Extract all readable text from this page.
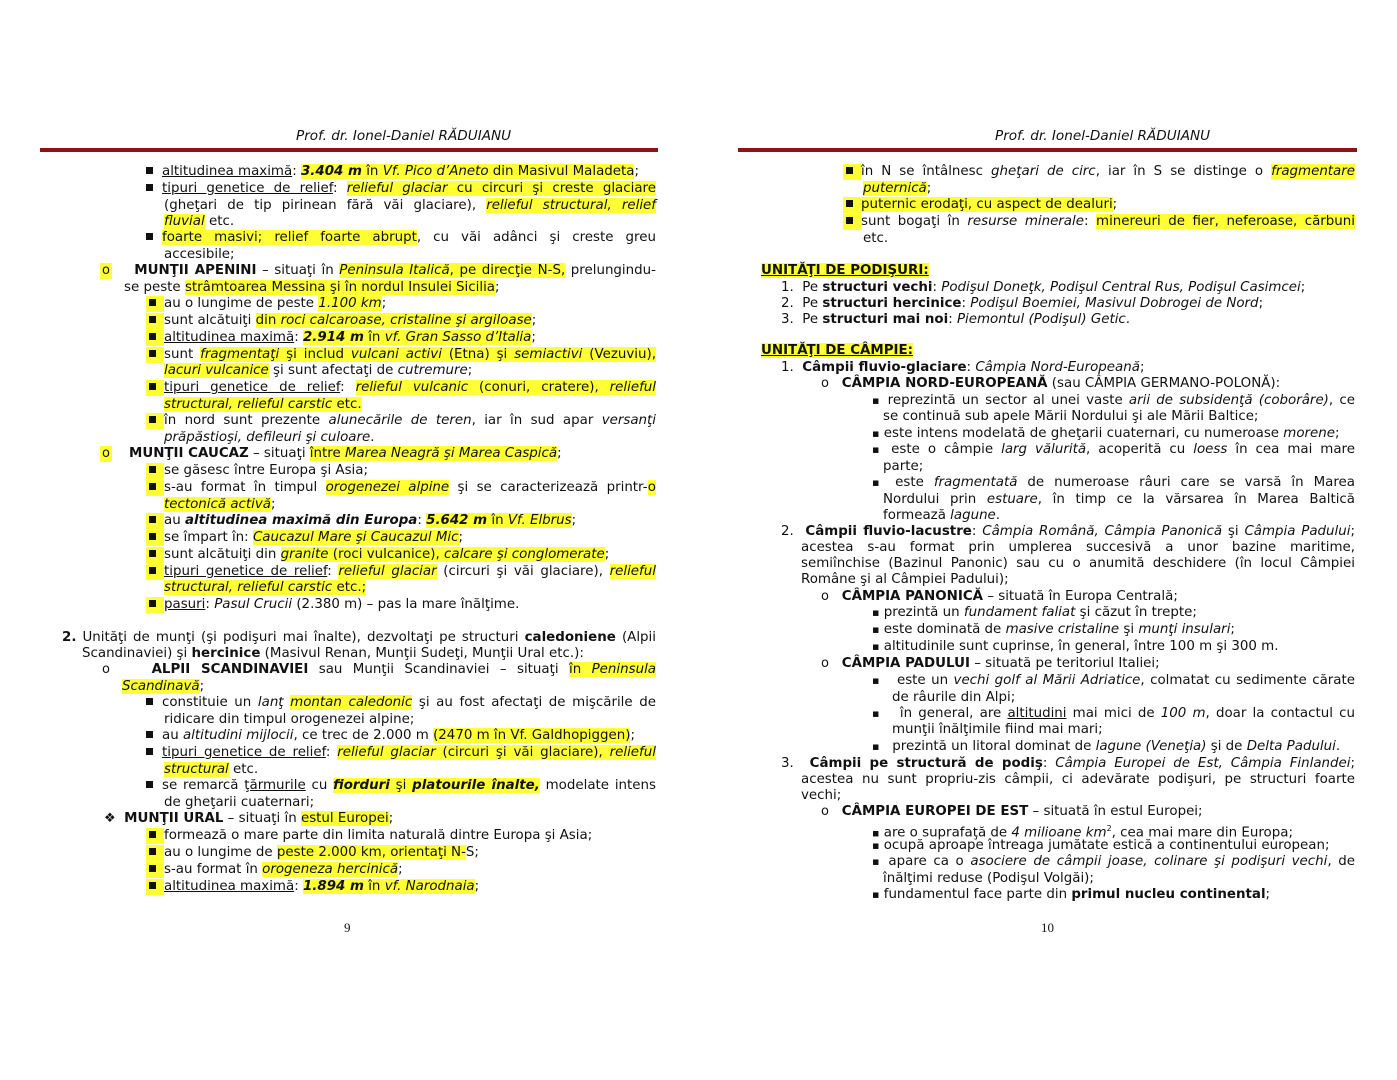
Prof. dr. Ionel-Daniel RĂDUIANU
altitudinea maximă: 3.404 m în Vf. Pico d’Aneto din Masivul Maladeta;
tipuri genetice de relief: relieful glaciar cu circuri şi creste glaciare
(gheţari de tip pirinean fără văi glaciare), relieful structural, relief
fluvial etc.
foarte masivi; relief foarte abrupt, cu văi adânci şi creste greu
accesibile;
o MUNŢII APENINI – situaţi în Peninsula Italică, pe direcţie N-S, prelungindu-
se peste strâmtoarea Messina şi în nordul Insulei Sicilia;
au o lungime de peste 1.100 km;
sunt alcătuiţi din roci calcaroase, cristaline şi argiloase;
altitudinea maximă: 2.914 m în vf. Gran Sasso d’Italia;
sunt fragmentaţi şi includ vulcani activi (Etna) şi semiactivi (Vezuviu),
lacuri vulcanice şi sunt afectaţi de cutremure;
tipuri genetice de relief: relieful vulcanic (conuri, cratere), relieful
structural, relieful carstic etc.
în nord sunt prezente alunecările de teren, iar în sud apar versanţi
prăpăstioşi, defileuri şi culoare.
o MUNŢII CAUCAZ – situaţi între Marea Neagră şi Marea Caspică;
se găsesc între Europa şi Asia;
s-au format în timpul orogenezei alpine şi se caracterizează printr-o
tectonică activă;
au altitudinea maximă din Europa: 5.642 m în Vf. Elbrus;
se împart în: Caucazul Mare şi Caucazul Mic;
sunt alcătuiţi din granite (roci vulcanice), calcare şi conglomerate;
tipuri genetice de relief: relieful glaciar (circuri şi văi glaciare), relieful
structural, relieful carstic etc.;
pasuri: Pasul Crucii (2.380 m) – pas la mare înălţime.
2. Unităţi de munţi (şi podişuri mai înalte), dezvoltaţi pe structuri caledoniene (Alpii
Scandinaviei) şi hercinice (Masivul Renan, Munţii Sudeţi, Munţii Ural etc.):
o	ALPII SCANDINAVIEI sau Munţii Scandinaviei – situaţi în Peninsula
Scandinavă;
constituie un lanţ montan caledonic şi au fost afectaţi de mişcările de
ridicare din timpul orogenezei alpine;
au altitudini mijlocii, ce trec de 2.000 m (2470 m în Vf. Galdhopiggen);
tipuri genetice de relief: relieful glaciar (circuri şi văi glaciare), relieful
structural etc.
se remarcă ţărmurile cu fiorduri şi platourile înalte, modelate intens
de gheţarii cuaternari;
❖ MUNŢII URAL – situaţi în estul Europei;
formează o mare parte din limita naturală dintre Europa şi Asia;
au o lungime de peste 2.000 km, orientaţi N-S;
s-au format în orogeneza hercinică;
altitudinea maximă: 1.894 m în vf. Narodnaia;
9
Prof. dr. Ionel-Daniel RĂDUIANU
în N se întâlnesc gheţari de circ, iar în S se distinge o fragmentare
puternică;
puternic erodaţi, cu aspect de dealuri;
sunt bogaţi în resurse minerale: minereuri de fier, neferoase, cărbuni
etc.
UNITĂŢI DE PODIŞURI:
1. Pe structuri vechi: Podişul Doneţk, Podişul Central Rus, Podişul Casimcei;
2. Pe structuri hercinice: Podişul Boemiei, Masivul Dobrogei de Nord;
3. Pe structuri mai noi: Piemontul (Podişul) Getic.
UNITĂŢI DE CÂMPIE:
1. Câmpii fluvio-glaciare: Câmpia Nord-Europeană;
o CÂMPIA NORD-EUROPEANĂ (sau CÂMPIA GERMANO-POLONĂ):
▪ reprezintă un sector al unei vaste arii de subsidenţă (coborâre), ce
se continuă sub apele Mării Nordului şi ale Mării Baltice;
▪ este intens modelată de gheţarii cuaternari, cu numeroase morene;
▪ este o câmpie larg vălurită, acoperită cu loess în cea mai mare
parte;
▪ este fragmentată de numeroase râuri care se varsă în Marea
Nordului prin estuare, în timp ce la vărsarea în Marea Baltică
formează lagune.
2. Câmpii fluvio-lacustre: Câmpia Română, Câmpia Panonică şi Câmpia Padului;
acestea s-au format prin umplerea succesivă a unor bazine maritime,
semiînchise (Bazinul Panonic) sau cu o anumită deschidere (în locul Câmpiei
Române şi al Câmpiei Padului);
o CÂMPIA PANONICĂ – situată în Europa Centrală;
▪ prezintă un fundament faliat şi căzut în trepte;
▪ este dominată de masive cristaline şi munţi insulari;
▪ altitudinile sunt cuprinse, în general, între 100 m şi 300 m.
o CÂMPIA PADULUI – situată pe teritoriul Italiei;
▪ este un vechi golf al Mării Adriatice, colmatat cu sedimente cărate
de râurile din Alpi;
▪ în general, are altitudini mai mici de 100 m, doar la contactul cu
munţii înălţimile fiind mai mari;
▪ prezintă un litoral dominat de lagune (Veneţia) şi de Delta Padului.
3. Câmpii pe structură de podiş: Câmpia Europei de Est, Câmpia Finlandei;
acestea nu sunt propriu-zis câmpii, ci adevărate podişuri, pe structuri foarte
vechi;
o CÂMPIA EUROPEI DE EST – situată în estul Europei;
▪ are o suprafaţă de 4 milioane $km^2$, cea mai mare din Europa;
▪ ocupă aproape întreaga jumătate estică a continentului european;
▪ apare ca o asociere de câmpii joase, colinare şi podişuri vechi, de
înălţimi reduse (Podişul Volgăi);
▪ fundamentul face parte din primul nucleu continental;
10
